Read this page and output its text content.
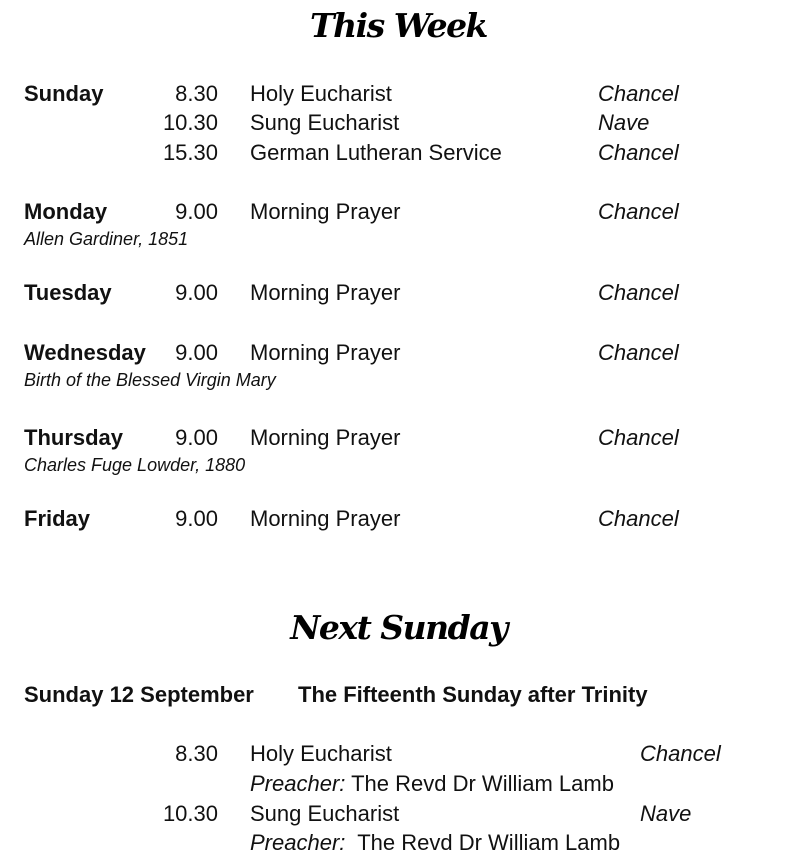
This Week
Sunday	8.30 Holy Eucharist	Chancel
10.30 Sung Eucharist	Nave
15.30 German Lutheran Service	Chancel
Monday	9.00 Morning Prayer	Chancel
Allen Gardiner, 1851
Tuesday	9.00 Morning Prayer	Chancel
Wednesday	9.00 Morning Prayer	Chancel
Birth of the Blessed Virgin Mary
Thursday	9.00 Morning Prayer	Chancel
Charles Fuge Lowder, 1880
Friday	9.00 Morning Prayer	Chancel
Next Sunday
Sunday 12 September The Fifteenth Sunday after Trinity
8.30 Holy Eucharist	Chancel
Preacher: The Revd Dr William Lamb
10.30 Sung Eucharist	Nave
Preacher: The Revd Dr William Lamb
